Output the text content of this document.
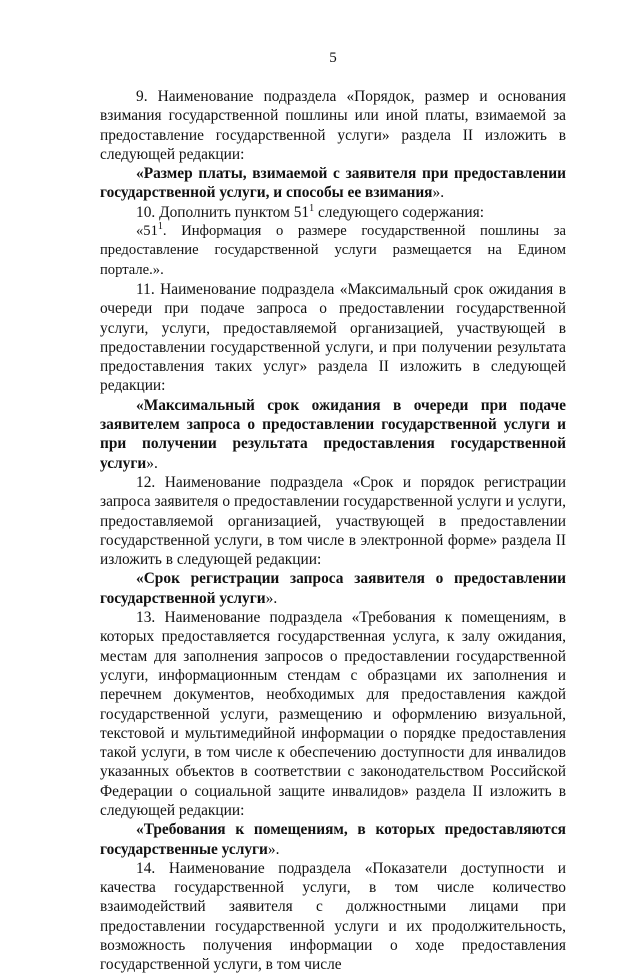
5

9. Наименование подраздела «Порядок, размер и основания взимания государственной пошлины или иной платы, взимаемой за предоставление государственной услуги» раздела II изложить в следующей редакции:

«Размер платы, взимаемой с заявителя при предоставлении государственной услуги, и способы ее взимания».

10. Дополнить пунктом $51^1$ следующего содержания:

«$51^1$. Информация о размере государственной пошлины за предоставление государственной услуги размещается на Едином портале.».

11. Наименование подраздела «Максимальный срок ожидания в очереди при подаче запроса о предоставлении государственной услуги, услуги, предоставляемой организацией, участвующей в предоставлении государственной услуги, и при получении результата предоставления таких услуг» раздела II изложить в следующей редакции:

«Максимальный срок ожидания в очереди при подаче заявителем запроса о предоставлении государственной услуги и при получении результата предоставления государственной услуги».

12. Наименование подраздела «Срок и порядок регистрации запроса заявителя о предоставлении государственной услуги и услуги, предоставляемой организацией, участвующей в предоставлении государственной услуги, в том числе в электронной форме» раздела II изложить в следующей редакции:

«Срок регистрации запроса заявителя о предоставлении государственной услуги».

13. Наименование подраздела «Требования к помещениям, в которых предоставляется государственная услуга, к залу ожидания, местам для заполнения запросов о предоставлении государственной услуги, информационным стендам с образцами их заполнения и перечнем документов, необходимых для предоставления каждой государственной услуги, размещению и оформлению визуальной, текстовой и мультимедийной информации о порядке предоставления такой услуги, в том числе к обеспечению доступности для инвалидов указанных объектов в соответствии с законодательством Российской Федерации о социальной защите инвалидов» раздела II изложить в следующей редакции:

«Требования к помещениям, в которых предоставляются государственные услуги».

14. Наименование подраздела «Показатели доступности и качества государственной услуги, в том числе количество взаимодействий заявителя с должностными лицами при предоставлении государственной услуги и их продолжительность, возможность получения информации о ходе предоставления государственной услуги, в том числе
